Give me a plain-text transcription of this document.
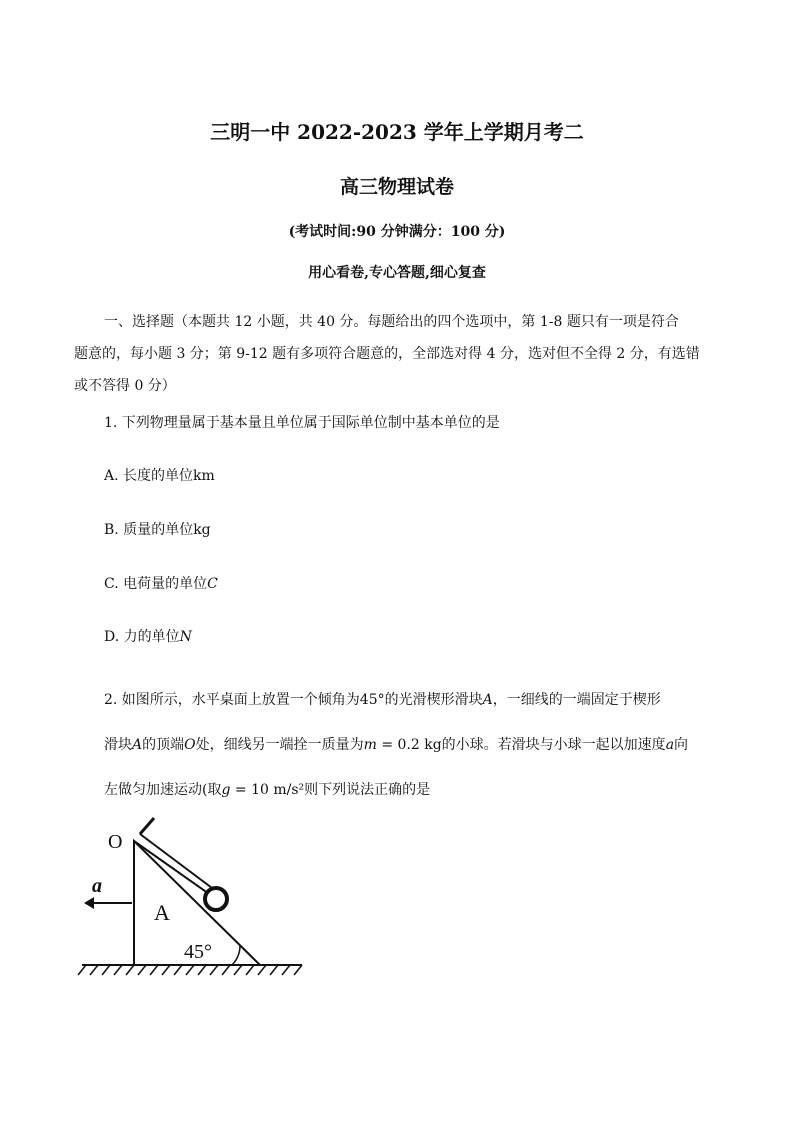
三明一中 2022-2023 学年上学期月考二
高三物理试卷
(考试时间:90 分钟满分：100 分)
用心看卷,专心答题,细心复查
一、选择题（本题共 12 小题，共 40 分。每题给出的四个选项中，第 1-8 题只有一项是符合
题意的，每小题 3 分；第 9-12 题有多项符合题意的，全部选对得 4 分，选对但不全得 2 分，有选错
或不答得 0 分）
1. 下列物理量属于基本量且单位属于国际单位制中基本单位的是
A. 长度的单位km
B. 质量的单位kg
C. 电荷量的单位C
D. 力的单位N
2. 如图所示，水平桌面上放置一个倾角为45°的光滑楔形滑块A，一细线的一端固定于楔形
滑块A的顶端O处，细线另一端拴一质量为m = 0.2 kg的小球。若滑块与小球一起以加速度a向
左做匀加速运动(取g = 10 m/s²则下列说法正确的是
O
a
A
45°
